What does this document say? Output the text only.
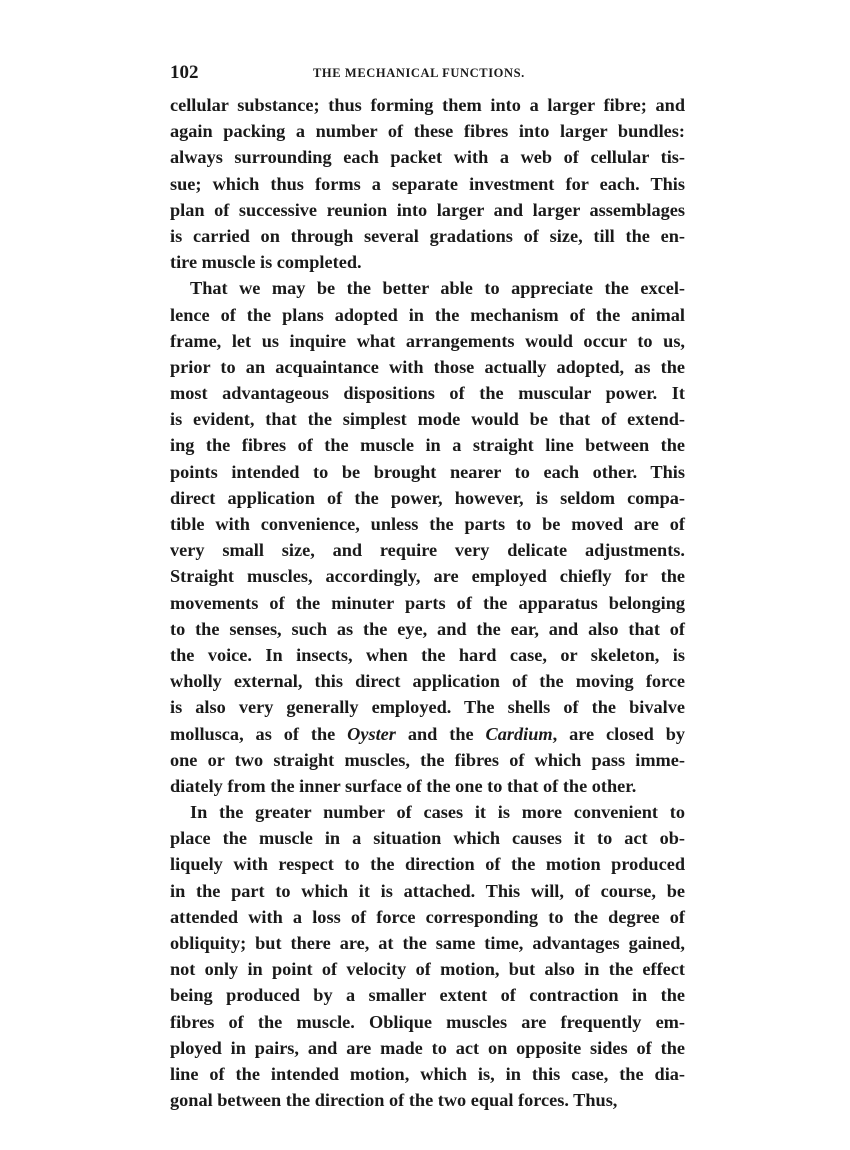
102	THE MECHANICAL FUNCTIONS.
cellular substance; thus forming them into a larger fibre; and
again packing a number of these fibres into larger bundles:
always surrounding each packet with a web of cellular tis-
sue; which thus forms a separate investment for each. This
plan of successive reunion into larger and larger assemblages
is carried on through several gradations of size, till the en-
tire muscle is completed.
That we may be the better able to appreciate the excel-
lence of the plans adopted in the mechanism of the animal
frame, let us inquire what arrangements would occur to us,
prior to an acquaintance with those actually adopted, as the
most advantageous dispositions of the muscular power. It
is evident, that the simplest mode would be that of extend-
ing the fibres of the muscle in a straight line between the
points intended to be brought nearer to each other. This
direct application of the power, however, is seldom compa-
tible with convenience, unless the parts to be moved are of
very small size, and require very delicate adjustments.
Straight muscles, accordingly, are employed chiefly for the
movements of the minuter parts of the apparatus belonging
to the senses, such as the eye, and the ear, and also that of
the voice. In insects, when the hard case, or skeleton, is
wholly external, this direct application of the moving force
is also very generally employed. The shells of the bivalve
mollusca, as of the Oyster and the Cardium, are closed by
one or two straight muscles, the fibres of which pass imme-
diately from the inner surface of the one to that of the other.
In the greater number of cases it is more convenient to
place the muscle in a situation which causes it to act ob-
liquely with respect to the direction of the motion produced
in the part to which it is attached. This will, of course, be
attended with a loss of force corresponding to the degree of
obliquity; but there are, at the same time, advantages gained,
not only in point of velocity of motion, but also in the effect
being produced by a smaller extent of contraction in the
fibres of the muscle. Oblique muscles are frequently em-
ployed in pairs, and are made to act on opposite sides of the
line of the intended motion, which is, in this case, the dia-
gonal between the direction of the two equal forces. Thus,
